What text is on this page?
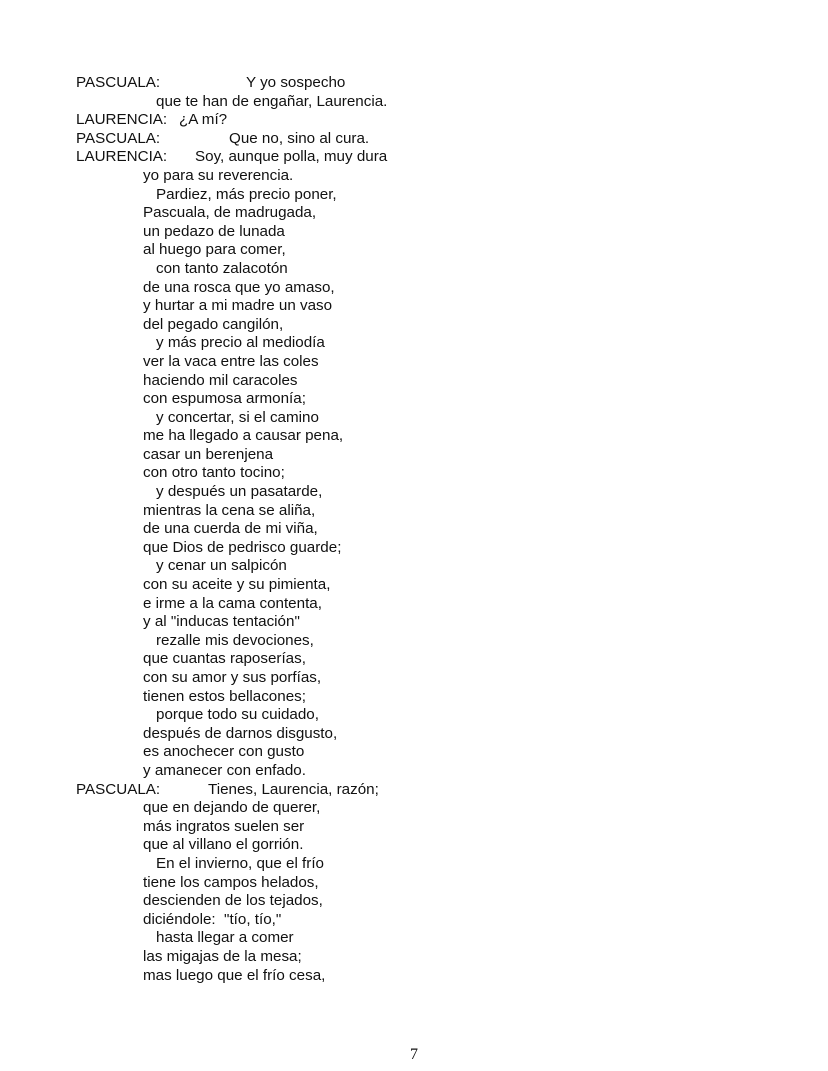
PASCUALA:	Y yo sospecho
que te han de engañar, Laurencia.
LAURENCIA: ¿A mí?
PASCUALA:	Que no, sino al cura.
LAURENCIA: Soy, aunque polla, muy dura
yo para su reverencia.
Pardiez, más precio poner,
Pascuala, de madrugada,
un pedazo de lunada
al huego para comer,
con tanto zalacotón
de una rosca que yo amaso,
y hurtar a mi madre un vaso
del pegado cangilón,
y más precio al mediodía
ver la vaca entre las coles
haciendo mil caracoles
con espumosa armonía;
y concertar, si el camino
me ha llegado a causar pena,
casar un berenjena
con otro tanto tocino;
y después un pasatarde,
mientras la cena se aliña,
de una cuerda de mi viña,
que Dios de pedrisco guarde;
y cenar un salpicón
con su aceite y su pimienta,
e irme a la cama contenta,
y al "inducas tentación"
rezalle mis devociones,
que cuantas raposerías,
con su amor y sus porfías,
tienen estos bellacones;
porque todo su cuidado,
después de darnos disgusto,
es anochecer con gusto
y amanecer con enfado.
PASCUALA:	Tienes, Laurencia, razón;
que en dejando de querer,
más ingratos suelen ser
que al villano el gorrión.
En el invierno, que el frío
tiene los campos helados,
descienden de los tejados,
diciéndole:  "tío, tío,"
hasta llegar a comer
las migajas de la mesa;
mas luego que el frío cesa,
7
